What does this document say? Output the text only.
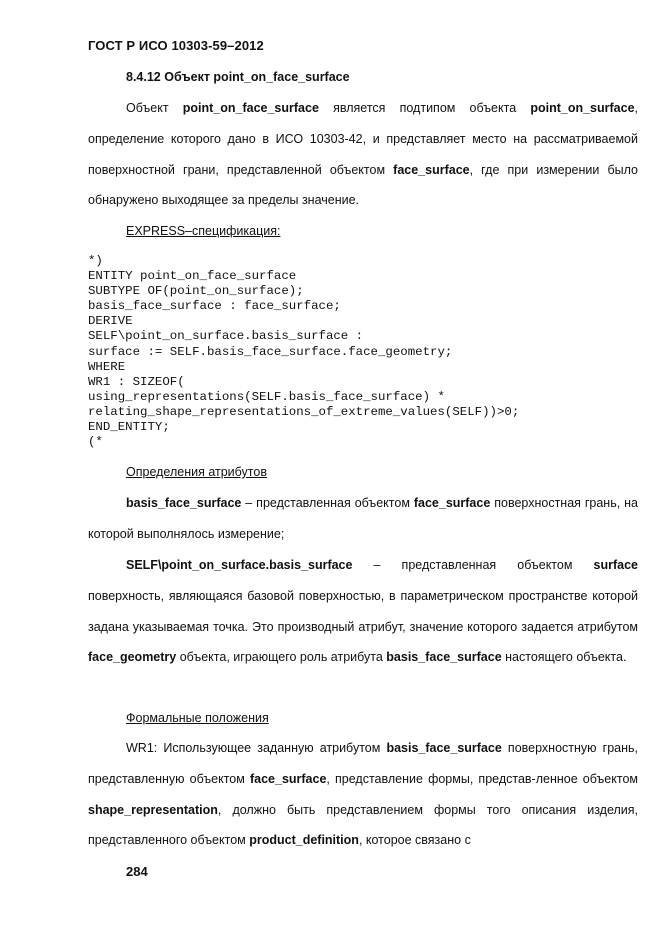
ГОСТ Р ИСО 10303-59–2012
8.4.12 Объект point_on_face_surface
Объект point_on_face_surface является подтипом объекта point_on_surface, определение которого дано в ИСО 10303-42, и представляет место на рассматриваемой поверхностной грани, представленной объектом face_surface, где при измерении было обнаружено выходящее за пределы значение.
EXPRESS–спецификация:
*)
ENTITY point_on_face_surface
SUBTYPE OF(point_on_surface);
basis_face_surface : face_surface;
DERIVE
SELF\point_on_surface.basis_surface :
surface := SELF.basis_face_surface.face_geometry;
WHERE
WR1 : SIZEOF(
using_representations(SELF.basis_face_surface) *
relating_shape_representations_of_extreme_values(SELF))>0;
END_ENTITY;
(*
Определения атрибутов
basis_face_surface – представленная объектом face_surface поверхностная грань, на которой выполнялось измерение;
SELF\point_on_surface.basis_surface – представленная объектом surface поверхность, являющаяся базовой поверхностью, в параметрическом пространстве которой задана указываемая точка. Это производный атрибут, значение которого задается атрибутом face_geometry объекта, играющего роль атрибута basis_face_surface настоящего объекта.
Формальные положения
WR1: Использующее заданную атрибутом basis_face_surface поверхностную грань, представленную объектом face_surface, представление формы, представ-ленное объектом shape_representation, должно быть представлением формы того описания изделия, представленного объектом product_definition, которое связано с
284
